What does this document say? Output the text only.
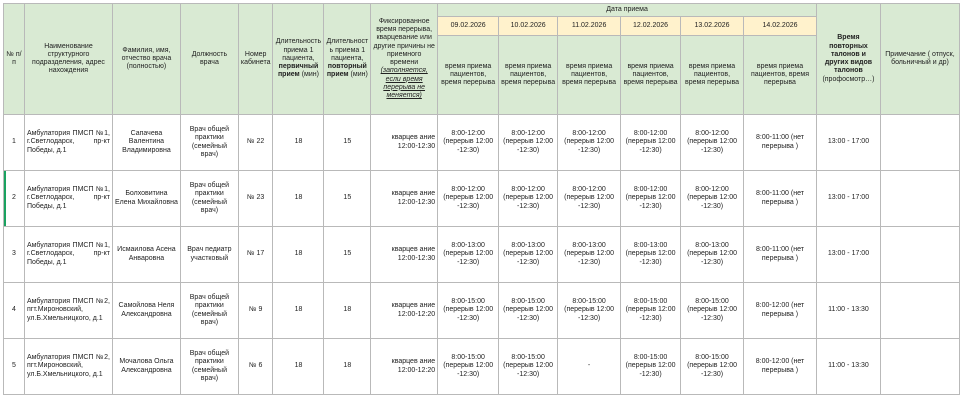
№ п/п	Наименование структурного подразделения, адрес нахождения	Фамилия, имя, отчество врача (полностью)	Должность врача	Номер кабинета	Длительность приема 1 пациента, первичный прием (мин)	Длительност ь приема 1 пациента, повторный прием (мин)	Фиксированное время перерыва, кварцевание или другие причины не приемного времени (заполняется, если время перерыва не меняется)	Дата приема						Время повторных талонов и других видов талонов (профосмотр…)	Примечание ( отпуск, больничный и др)
								09.02.2026	10.02.2026	11.02.2026	12.02.2026	13.02.2026	14.02.2026		
								время приема пациентов, время перерыва	время приема пациентов, время перерыва	время приема пациентов, время перерыва	время приема пациентов, время перерыва	время приема пациентов, время перерыва	время приема пациентов, время перерыва		
1	Амбулатория ПМСП №1, г.Светлодарск, пр-кт Победы, д.1	Сапачева Валентина Владимировна	Врач общей практики (семейный врач)	№ 22	18	15	кварцев ание 12:00-12:30	8:00-12:00 (перерыв 12:00 -12:30)	8:00-12:00 (перерыв 12:00 -12:30)	8:00-12:00 (перерыв 12:00 -12:30)	8:00-12:00 (перерыв 12:00 -12:30)	8:00-12:00 (перерыв 12:00 -12:30)	8:00-11:00 (нет перерыва )	13:00 - 17:00	
2	Амбулатория ПМСП №1, г.Светлодарск, пр-кт Победы, д.1	Болховитина Елена Михайловна	Врач общей практики (семейный врач)	№ 23	18	15	кварцев ание 12:00-12:30	8:00-12:00 (перерыв 12:00 -12:30)	8:00-12:00 (перерыв 12:00 -12:30)	8:00-12:00 (перерыв 12:00 -12:30)	8:00-12:00 (перерыв 12:00 -12:30)	8:00-12:00 (перерыв 12:00 -12:30)	8:00-11:00 (нет перерыва )	13:00 - 17:00	
3	Амбулатория ПМСП №1, г.Светлодарск, пр-кт Победы, д.1	Исмаилова Асена Анваровна	Врач педиатр участковый	№ 17	18	15	кварцев ание 12:00-12:30	8:00-13:00 (перерыв 12:00 -12:30)	8:00-13:00 (перерыв 12:00 -12:30)	8:00-13:00 (перерыв 12:00 -12:30)	8:00-13:00 (перерыв 12:00 -12:30)	8:00-13:00 (перерыв 12:00 -12:30)	8:00-11:00 (нет перерыва )	13:00 - 17:00	
4	Амбулатория ПМСП №2, пгт.Мироновский, ул.Б.Хмельницкого, д.1	Самойлова Неля Александровна	Врач общей практики (семейный врач)	№ 9	18	18	кварцев ание 12:00-12:20	8:00-15:00 (перерыв 12:00 -12:30)	8:00-15:00 (перерыв 12:00 -12:30)	8:00-15:00 (перерыв 12:00 -12:30)	8:00-15:00 (перерыв 12:00 -12:30)	8:00-15:00 (перерыв 12:00 -12:30)	8:00-12:00 (нет перерыва )	11:00 - 13:30	
5	Амбулатория ПМСП №2, пгт.Мироновский, ул.Б.Хмельницкого, д.1	Мочалова Ольга Александровна	Врач общей практики (семейный врач)	№ 6	18	18	кварцев ание 12:00-12:20	8:00-15:00 (перерыв 12:00 -12:30)	8:00-15:00 (перерыв 12:00 -12:30)	-	8:00-15:00 (перерыв 12:00 -12:30)	8:00-15:00 (перерыв 12:00 -12:30)	8:00-12:00 (нет перерыва )	11:00 - 13:30	
